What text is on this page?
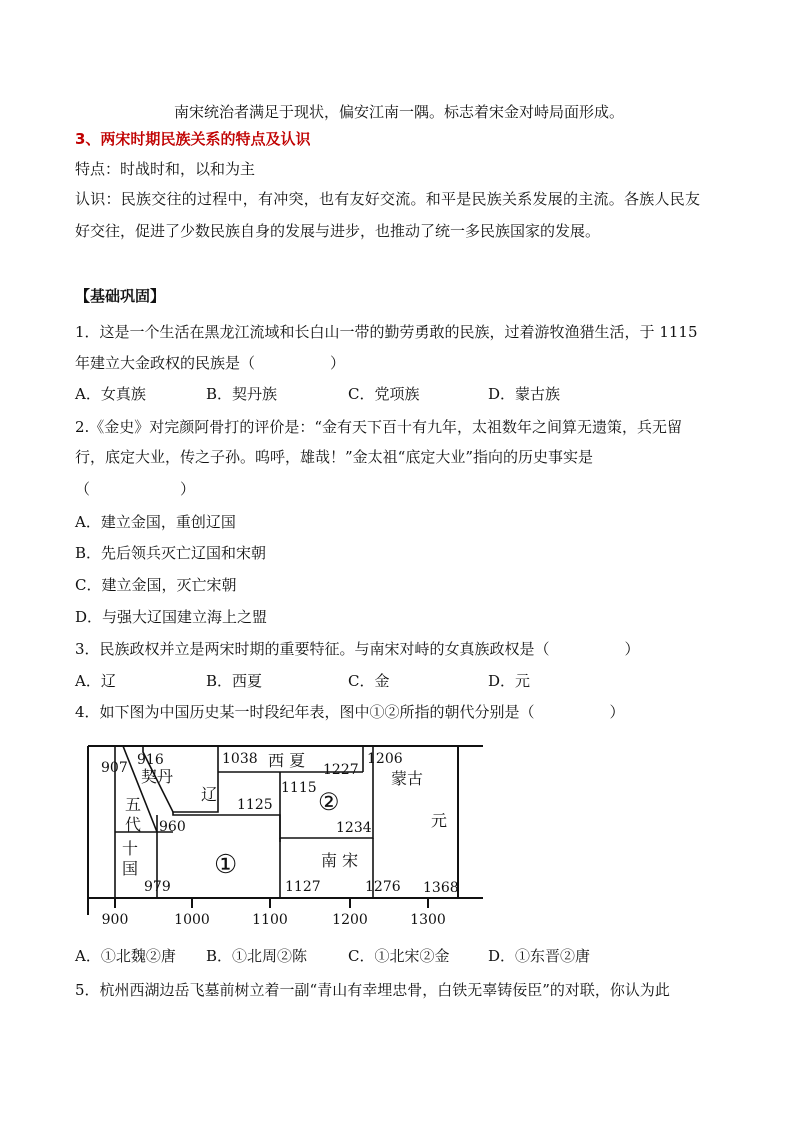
南宋统治者满足于现状，偏安江南一隅。标志着宋金对峙局面形成。
3、两宋时期民族关系的特点及认识
特点：时战时和，以和为主
认识：民族交往的过程中，有冲突，也有友好交流。和平是民族关系发展的主流。各族人民友
好交往，促进了少数民族自身的发展与进步，也推动了统一多民族国家的发展。
【基础巩固】
1．这是一个生活在黑龙江流域和长白山一带的勤劳勇敢的民族，过着游牧渔猎生活，于 1115
年建立大金政权的民族是（　　　　　）
A．女真族	B．契丹族	C．党项族	D．蒙古族
2.《金史》对完颜阿骨打的评价是：“金有天下百十有九年，太祖数年之间算无遗策，兵无留
行，底定大业，传之子孙。呜呼，雄哉！”金太祖“底定大业”指向的历史事实是
（　　　　　　）
A．建立金国，重创辽国
B．先后领兵灭亡辽国和宋朝
C．建立金国，灭亡宋朝
D．与强大辽国建立海上之盟
3．民族政权并立是两宋时期的重要特征。与南宋对峙的女真族政权是（　　　　　）
A．辽	B．西夏	C．金	D．元
4．如下图为中国历史某一时段纪年表，图中①②所指的朝代分别是（　　　　　）
907 916
契丹
1038 西 夏 1227
1206
蒙古
辽	1115 ②
1125
五
代 960	1234	元
十
国	①	南 宋
979	1127	1276 1368
900	1000	1100	1200	1300
A．①北魏②唐 B．①北周②陈	C．①北宋②金	D．①东晋②唐
5．杭州西湖边岳飞墓前树立着一副“青山有幸埋忠骨，白铁无辜铸佞臣”的对联，你认为此
